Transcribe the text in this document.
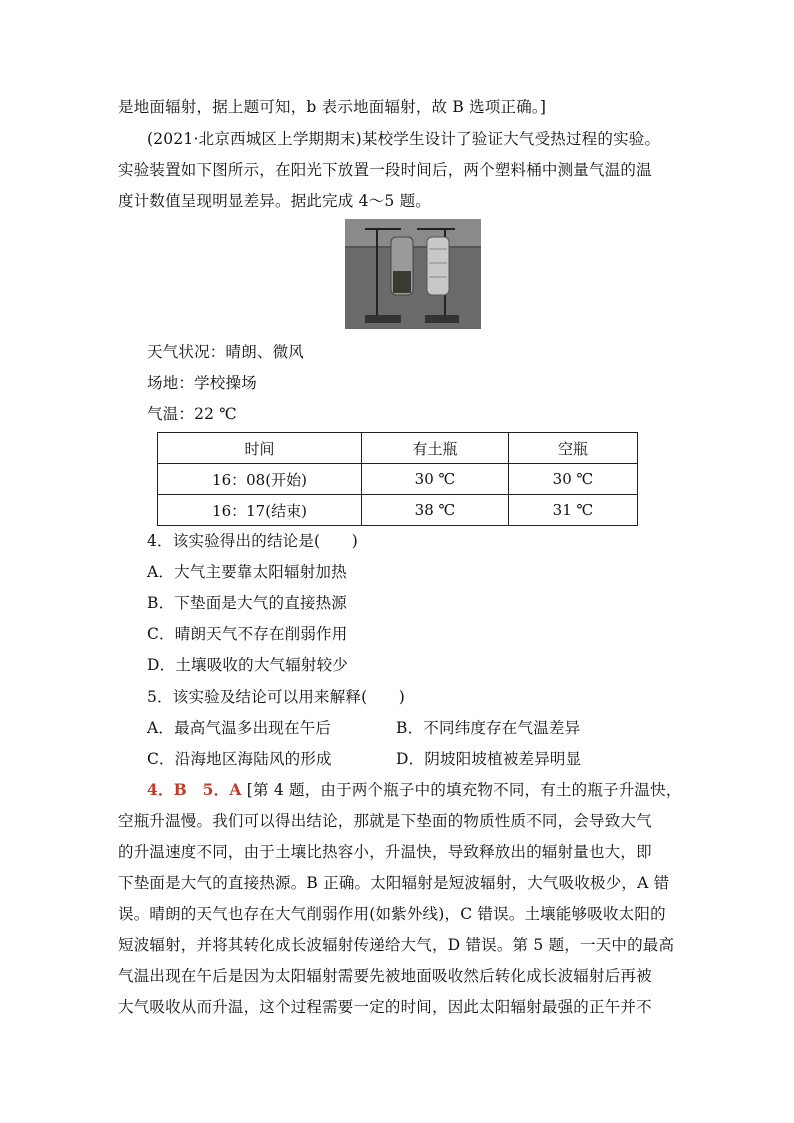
是地面辐射，据上题可知，b 表示地面辐射，故 B 选项正确。]
(2021·北京西城区上学期期末)某校学生设计了验证大气受热过程的实验。
实验装置如下图所示，在阳光下放置一段时间后，两个塑料桶中测量气温的温
度计数值呈现明显差异。据此完成 4～5 题。
天气状况：晴朗、微风
场地：学校操场
气温：22 ℃
时间	有土瓶	空瓶
16：08(开始)	30 ℃	30 ℃
16：17(结束)	38 ℃	31 ℃
4．该实验得出的结论是(　　)
A．大气主要靠太阳辐射加热
B．下垫面是大气的直接热源
C．晴朗天气不存在削弱作用
D．土壤吸收的大气辐射较少
5．该实验及结论可以用来解释(　　)
A．最高气温多出现在午后	B．不同纬度存在气温差异
C．沿海地区海陆风的形成	D．阴坡阳坡植被差异明显
4．B　5．A [第 4 题，由于两个瓶子中的填充物不同，有土的瓶子升温快，
空瓶升温慢。我们可以得出结论，那就是下垫面的物质性质不同，会导致大气
的升温速度不同，由于土壤比热容小，升温快，导致释放出的辐射量也大，即
下垫面是大气的直接热源。B 正确。太阳辐射是短波辐射，大气吸收极少，A 错
误。晴朗的天气也存在大气削弱作用(如紫外线)，C 错误。土壤能够吸收太阳的
短波辐射，并将其转化成长波辐射传递给大气，D 错误。第 5 题，一天中的最高
气温出现在午后是因为太阳辐射需要先被地面吸收然后转化成长波辐射后再被
大气吸收从而升温，这个过程需要一定的时间，因此太阳辐射最强的正午并不
